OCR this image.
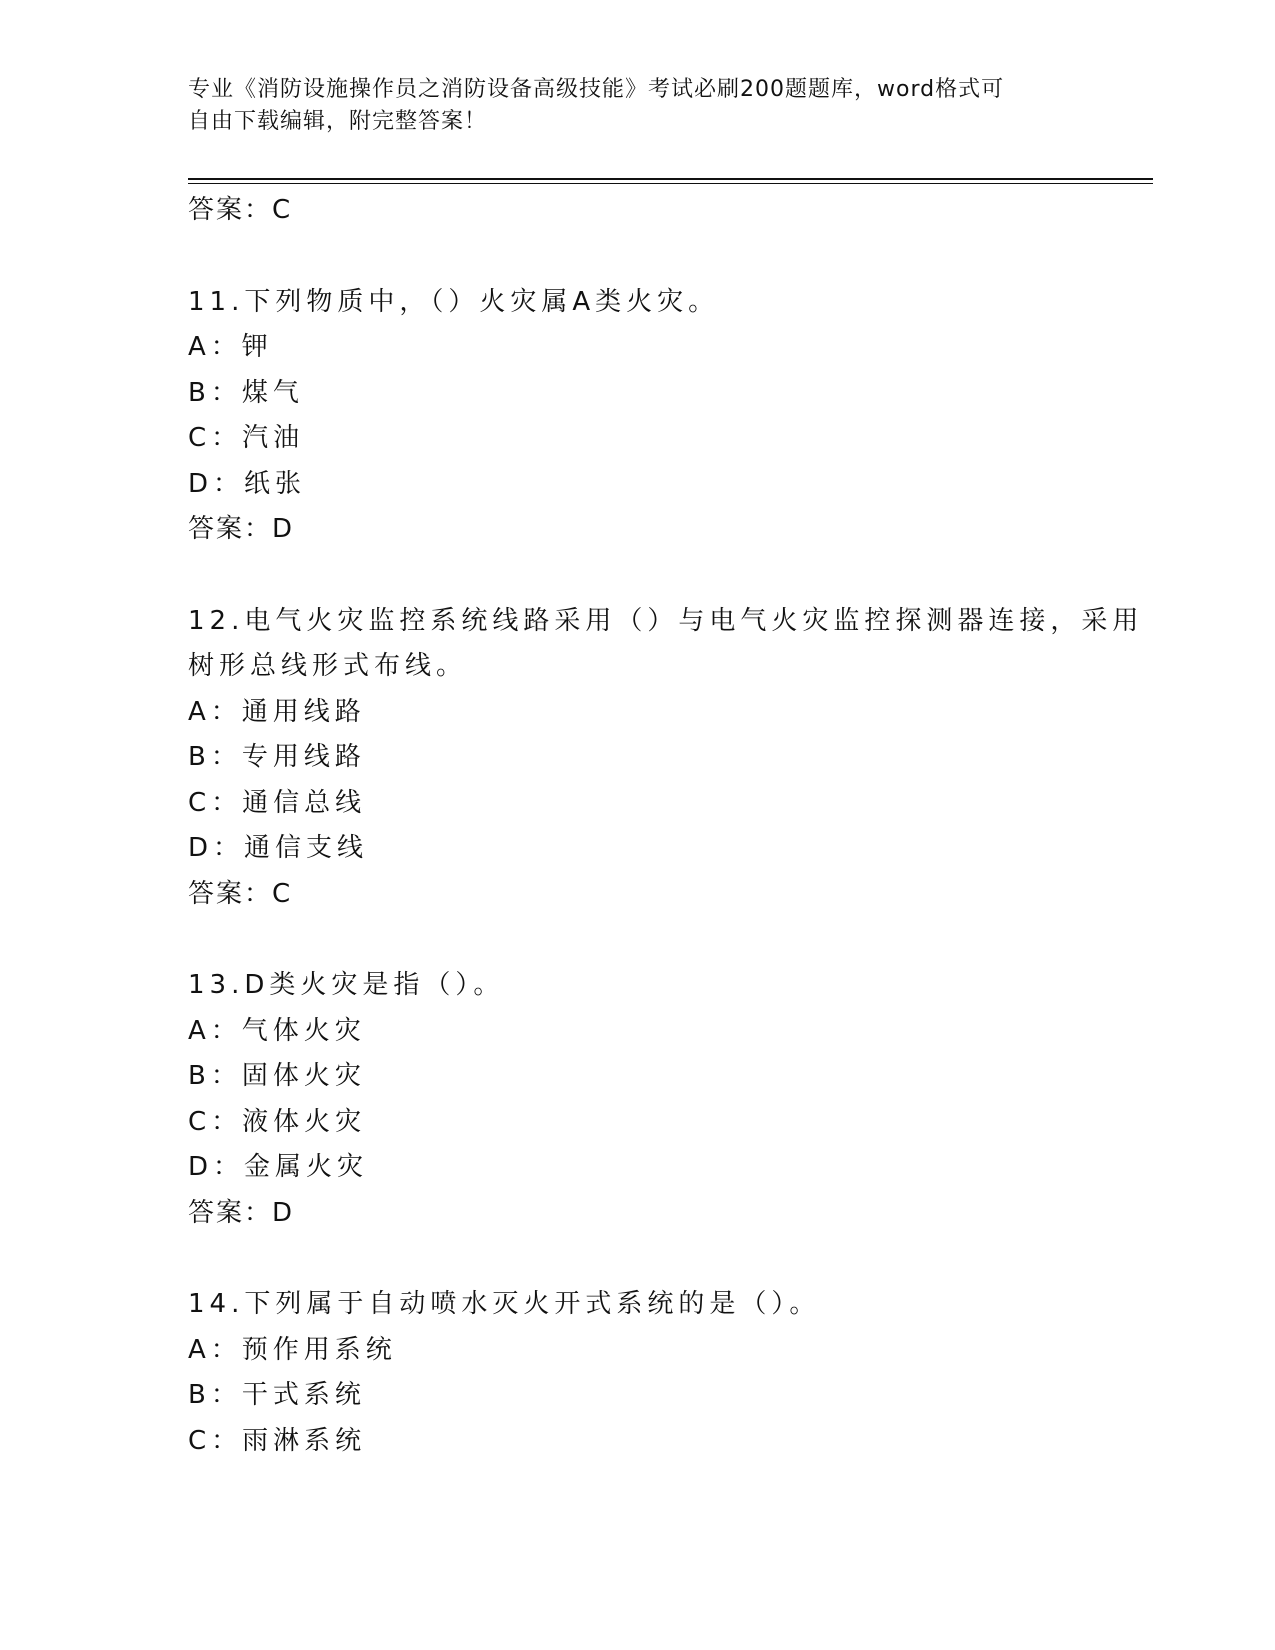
专业《消防设施操作员之消防设备高级技能》考试必刷200题题库，word格式可
自由下载编辑，附完整答案！
答案：C
11.下列物质中，（）火灾属A类火灾。
A：钾
B：煤气
C：汽油
D：纸张
答案：D
12.电气火灾监控系统线路采用（）与电气火灾监控探测器连接，采用
树形总线形式布线。
A：通用线路
B：专用线路
C：通信总线
D：通信支线
答案：C
13.D类火灾是指（）。
A：气体火灾
B：固体火灾
C：液体火灾
D：金属火灾
答案：D
14.下列属于自动喷水灭火开式系统的是（）。
A：预作用系统
B：干式系统
C：雨淋系统
